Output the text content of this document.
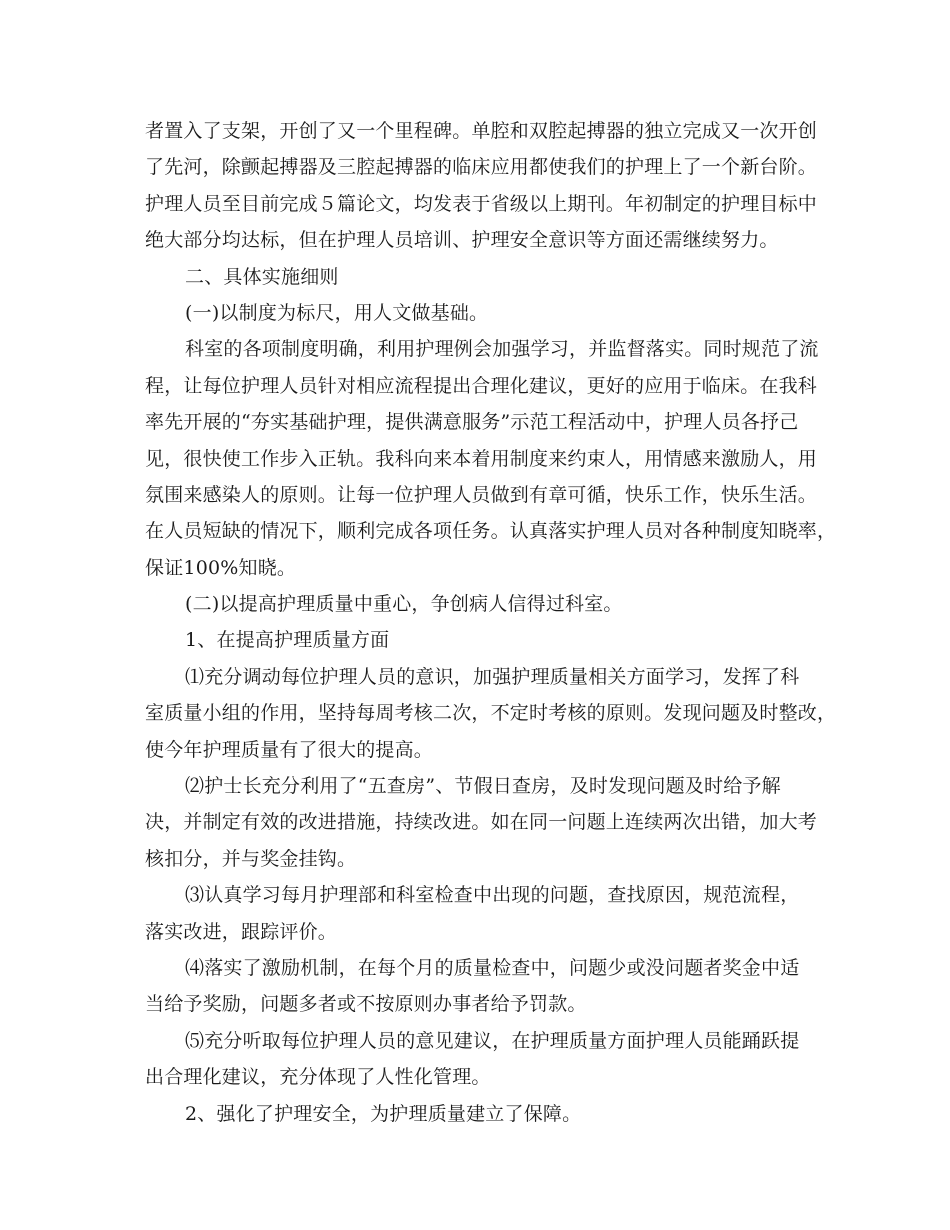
者置入了支架，开创了又一个里程碑。单腔和双腔起搏器的独立完成又一次开创
了先河，除颤起搏器及三腔起搏器的临床应用都使我们的护理上了一个新台阶。
护理人员至目前完成５篇论文，均发表于省级以上期刊。年初制定的护理目标中
绝大部分均达标，但在护理人员培训、护理安全意识等方面还需继续努力。
二、具体实施细则
(一)以制度为标尺，用人文做基础。
科室的各项制度明确，利用护理例会加强学习，并监督落实。同时规范了流
程，让每位护理人员针对相应流程提出合理化建议，更好的应用于临床。在我科
率先开展的“夯实基础护理，提供满意服务”示范工程活动中，护理人员各抒己
见，很快使工作步入正轨。我科向来本着用制度来约束人，用情感来激励人，用
氛围来感染人的原则。让每一位护理人员做到有章可循，快乐工作，快乐生活。
在人员短缺的情况下，顺利完成各项任务。认真落实护理人员对各种制度知晓率，
保证100%知晓。
(二)以提高护理质量中重心，争创病人信得过科室。
1、在提高护理质量方面
⑴充分调动每位护理人员的意识，加强护理质量相关方面学习，发挥了科
室质量小组的作用，坚持每周考核二次，不定时考核的原则。发现问题及时整改，
使今年护理质量有了很大的提高。
⑵护士长充分利用了“五查房”、节假日查房，及时发现问题及时给予解
决，并制定有效的改进措施，持续改进。如在同一问题上连续两次出错，加大考
核扣分，并与奖金挂钩。
⑶认真学习每月护理部和科室检查中出现的问题，查找原因，规范流程，
落实改进，跟踪评价。
⑷落实了激励机制，在每个月的质量检查中，问题少或没问题者奖金中适
当给予奖励，问题多者或不按原则办事者给予罚款。
⑸充分听取每位护理人员的意见建议，在护理质量方面护理人员能踊跃提
出合理化建议，充分体现了人性化管理。
2、强化了护理安全，为护理质量建立了保障。
